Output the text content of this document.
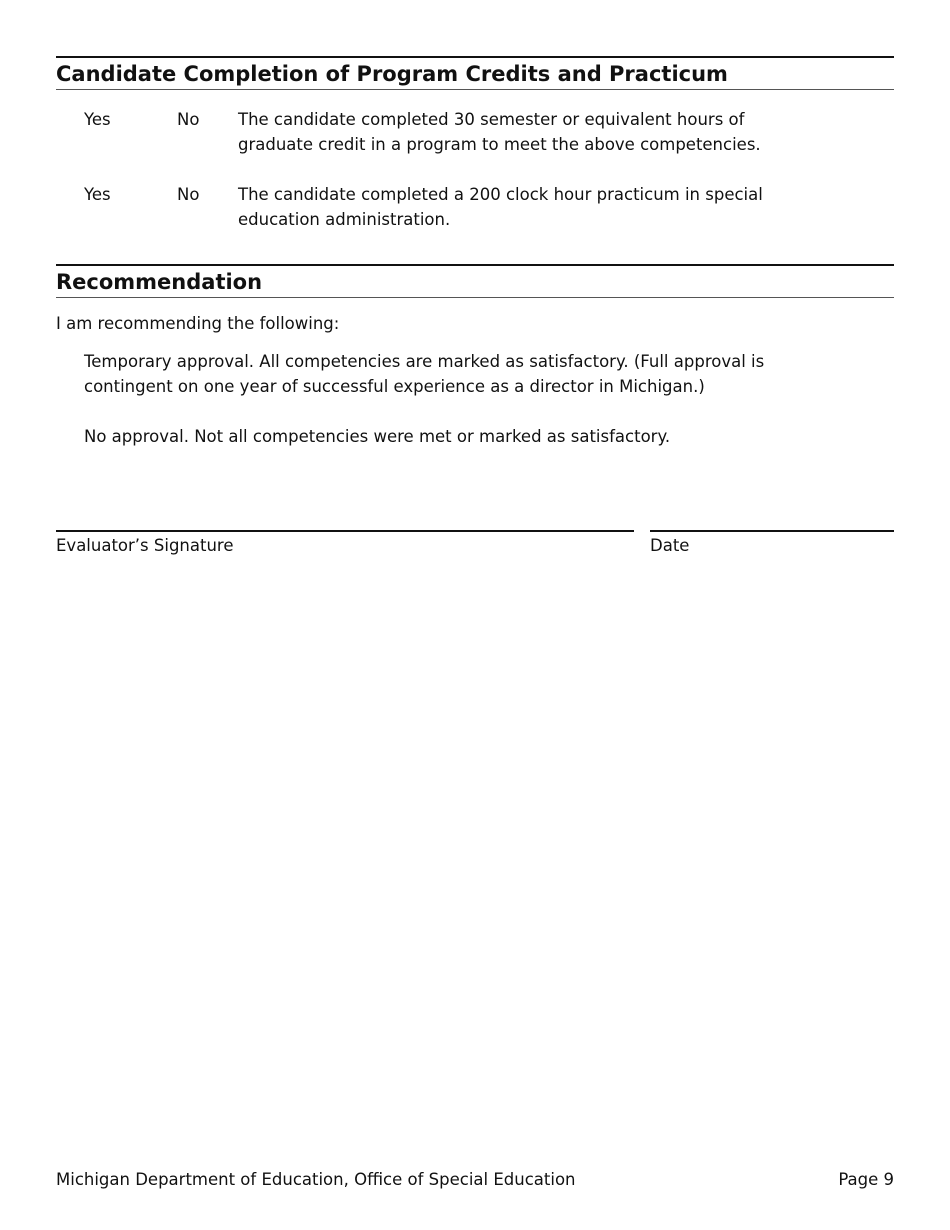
Candidate Completion of Program Credits and Practicum
Yes	No The candidate completed 30 semester or equivalent hours of graduate credit in a program to meet the above competencies.
Yes	No The candidate completed a 200 clock hour practicum in special education administration.
Recommendation
I am recommending the following:
Temporary approval. All competencies are marked as satisfactory. (Full approval is contingent on one year of successful experience as a director in Michigan.)
No approval. Not all competencies were met or marked as satisfactory.
Evaluator’s Signature	Date
Michigan Department of Education, Office of Special Education	Page 9
